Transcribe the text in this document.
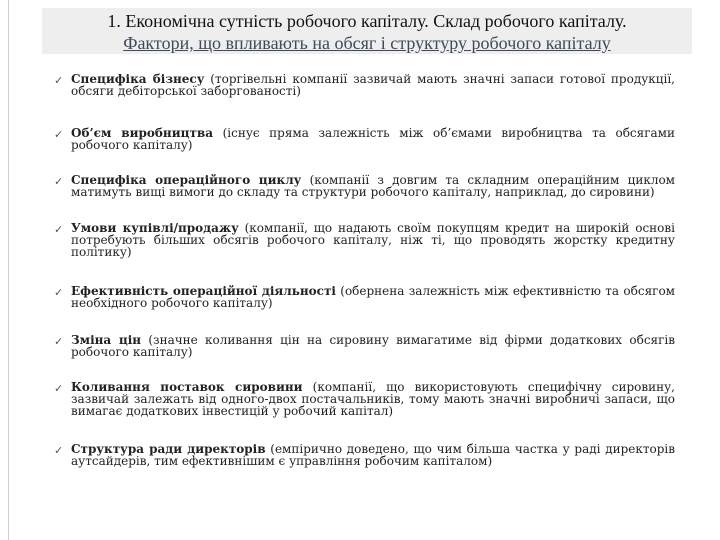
1. Економічна сутність робочого капіталу. Склад робочого капіталу.
Фактори, що впливають на обсяг і структуру робочого капіталу
✓ Специфіка бізнесу (торгівельні компанії зазвичай мають значні запаси готової продукції, обсяги дебіторської заборгованості)
✓ Об’єм виробництва (існує пряма залежність між об’ємами виробництва та обсягами робочого капіталу)
✓ Специфіка операційного циклу (компанії з довгим та складним операційним циклом матимуть вищі вимоги до складу та структури робочого капіталу, наприклад, до сировини)
✓ Умови купівлі/продажу (компанії, що надають своїм покупцям кредит на широкій основі потребують більших обсягів робочого капіталу, ніж ті, що проводять жорстку кредитну політику)
✓ Ефективність операційної діяльності (обернена залежність між ефективністю та обсягом необхідного робочого капіталу)
✓ Зміна цін (значне коливання цін на сировину вимагатиме від фірми додаткових обсягів робочого капіталу)
✓ Коливання поставок сировини (компанії, що використовують специфічну сировину, зазвичай залежать від одного-двох постачальників, тому мають значні виробничі запаси, що вимагає додаткових інвестицій у робочий капітал)
✓ Структура ради директорів (емпірично доведено, що чим більша частка у раді директорів аутсайдерів, тим ефективнішим є управління робочим капіталом)
